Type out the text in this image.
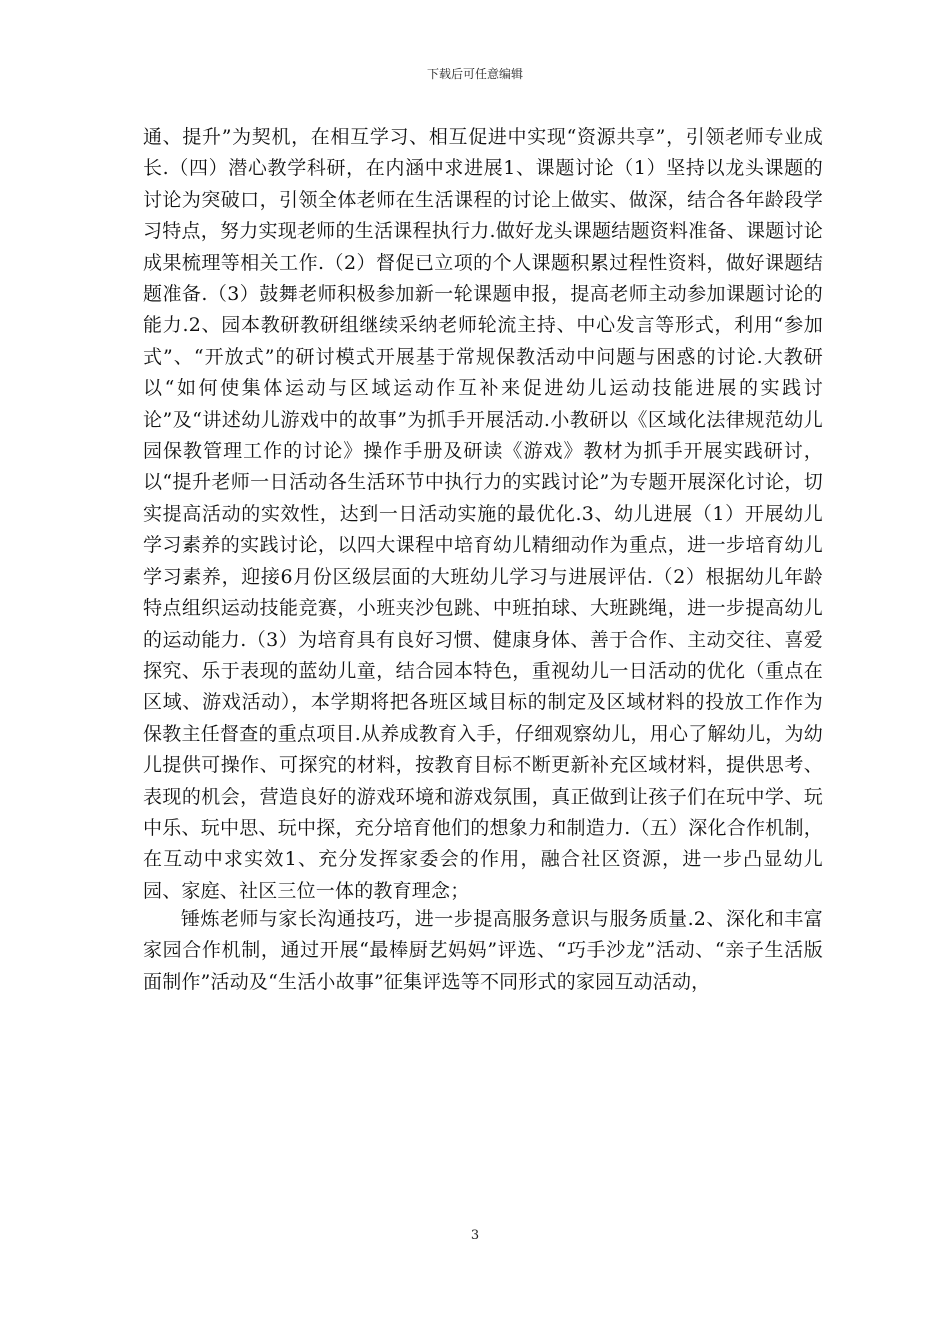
下载后可任意编辑

通、提升”为契机，在相互学习、相互促进中实现“资源共享”，引领老师专业成长.（四）潜心教学科研，在内涵中求进展1、课题讨论（1）坚持以龙头课题的讨论为突破口，引领全体老师在生活课程的讨论上做实、做深，结合各年龄段学习特点，努力实现老师的生活课程执行力.做好龙头课题结题资料准备、课题讨论成果梳理等相关工作.（2）督促已立项的个人课题积累过程性资料，做好课题结题准备.（3）鼓舞老师积极参加新一轮课题申报，提高老师主动参加课题讨论的能力.2、园本教研教研组继续采纳老师轮流主持、中心发言等形式，利用“参加式”、“开放式”的研讨模式开展基于常规保教活动中问题与困惑的讨论.大教研以“如何使集体运动与区域运动作互补来促进幼儿运动技能进展的实践讨论”及“讲述幼儿游戏中的故事”为抓手开展活动.小教研以《区域化法律规范幼儿园保教管理工作的讨论》操作手册及研读《游戏》教材为抓手开展实践研讨，以“提升老师一日活动各生活环节中执行力的实践讨论”为专题开展深化讨论，切实提高活动的实效性，达到一日活动实施的最优化.3、幼儿进展（1）开展幼儿学习素养的实践讨论，以四大课程中培育幼儿精细动作为重点，进一步培育幼儿学习素养，迎接6月份区级层面的大班幼儿学习与进展评估.（2）根据幼儿年龄特点组织运动技能竞赛，小班夹沙包跳、中班拍球、大班跳绳，进一步提高幼儿的运动能力.（3）为培育具有良好习惯、健康身体、善于合作、主动交往、喜爱探究、乐于表现的蓝幼儿童，结合园本特色，重视幼儿一日活动的优化（重点在区域、游戏活动），本学期将把各班区域目标的制定及区域材料的投放工作作为保教主任督查的重点项目.从养成教育入手，仔细观察幼儿，用心了解幼儿，为幼儿提供可操作、可探究的材料，按教育目标不断更新补充区域材料，提供思考、表现的机会，营造良好的游戏环境和游戏氛围，真正做到让孩子们在玩中学、玩中乐、玩中思、玩中探，充分培育他们的想象力和制造力.（五）深化合作机制，在互动中求实效1、充分发挥家委会的作用，融合社区资源，进一步凸显幼儿园、家庭、社区三位一体的教育理念；

锤炼老师与家长沟通技巧，进一步提高服务意识与服务质量.2、深化和丰富家园合作机制，通过开展“最棒厨艺妈妈”评选、“巧手沙龙”活动、“亲子生活版面制作”活动及“生活小故事”征集评选等不同形式的家园互动活动，

3
